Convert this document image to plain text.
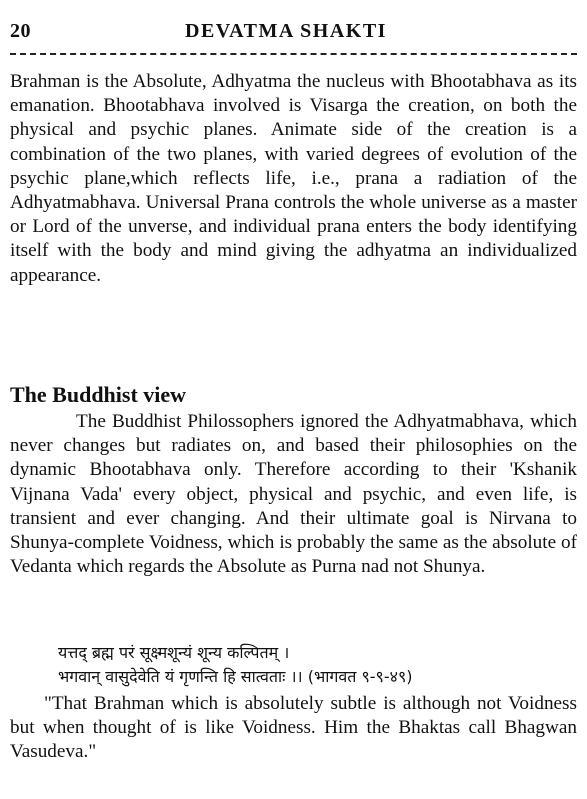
20	DEVATMA SHAKTI

Brahman is the Absolute, Adhyatma the nucleus with Bhootabhava as its emanation. Bhootabhava involved is Visarga the creation, on both the physical and psychic planes. Animate side of the creation is a combination of the two planes, with varied degrees of evolution of the psychic plane,which reflects life, i.e., prana a radiation of the Adhyatmabhava. Universal Prana controls the whole universe as a master or Lord of the unverse, and individual prana enters the body identifying itself with the body and mind giving the adhyatma an individualized appearance.

The Buddhist view

The Buddhist Philossophers ignored the Adhyatmabhava, which never changes but radiates on, and based their philosophies on the dynamic Bhootabhava only. Therefore according to their 'Kshanik Vijnana Vada' every object, physical and psychic, and even life, is transient and ever changing. And their ultimate goal is Nirvana to Shunya-complete Voidness, which is probably the same as the absolute of Vedanta which regards the Absolute as Purna nad not Shunya.

यत्तद् ब्रह्म परं सूक्ष्मशून्यं शून्य कल्पितम् ।
भगवान् वासुदेवेति यं गृणन्ति हि सात्वताः ।। (भागवत ९-९-४९)

"That Brahman which is absolutely subtle is although not Voidness but when thought of is like Voidness. Him the Bhaktas call Bhagwan Vasudeva."
